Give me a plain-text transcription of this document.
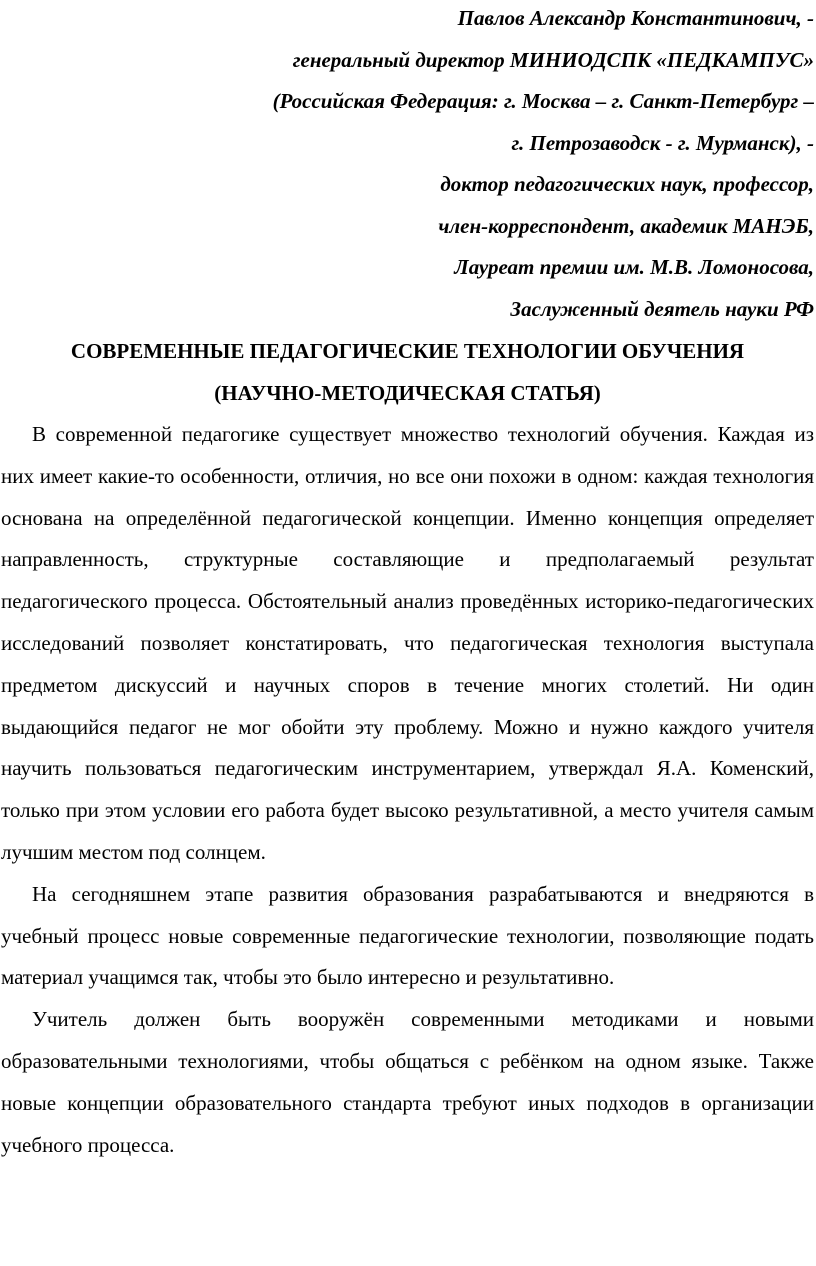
Павлов Александр Константинович, -
генеральный директор МИНИОДСПК «ПЕДКАМПУС»
(Российская Федерация: г. Москва – г. Санкт-Петербург –
г. Петрозаводск - г. Мурманск), -
доктор педагогических наук, профессор,
член-корреспондент, академик МАНЭБ,
Лауреат премии им. М.В. Ломоносова,
Заслуженный деятель науки РФ
СОВРЕМЕННЫЕ ПЕДАГОГИЧЕСКИЕ ТЕХНОЛОГИИ ОБУЧЕНИЯ
(НАУЧНО-МЕТОДИЧЕСКАЯ СТАТЬЯ)

В современной педагогике существует множество технологий обучения. Каждая из них имеет какие-то особенности, отличия, но все они похожи в одном: каждая технология основана на определённой педагогической концепции. Именно концепция определяет направленность, структурные составляющие и предполагаемый результат педагогического процесса. Обстоятельный анализ проведённых историко-педагогических исследований позволяет констатировать, что педагогическая технология выступала предметом дискуссий и научных споров в течение многих столетий. Ни один выдающийся педагог не мог обойти эту проблему. Можно и нужно каждого учителя научить пользоваться педагогическим инструментарием, утверждал Я.А. Коменский, только при этом условии его работа будет высоко результативной, а место учителя самым лучшим местом под солнцем.

На сегодняшнем этапе развития образования разрабатываются и внедряются в учебный процесс новые современные педагогические технологии, позволяющие подать материал учащимся так, чтобы это было интересно и результативно.

Учитель должен быть вооружён современными методиками и новыми образовательными технологиями, чтобы общаться с ребёнком на одном языке. Также новые концепции образовательного стандарта требуют иных подходов в организации учебного процесса.
